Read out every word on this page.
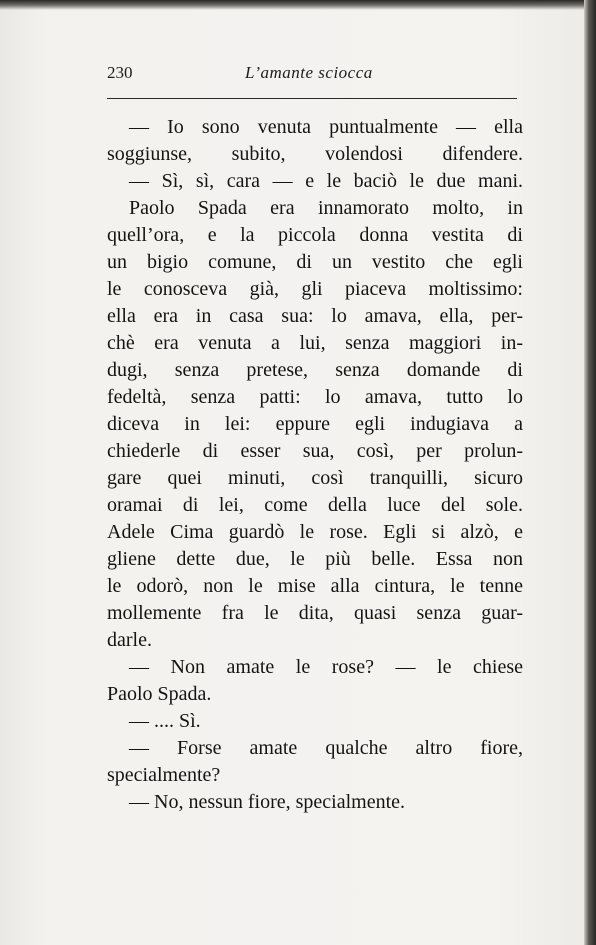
230	L’amante sciocca
— Io sono venuta puntualmente — ella
soggiunse, subito, volendosi difendere.
— Sì, sì, cara — e le baciò le due mani.
Paolo Spada era innamorato molto, in
quell’ora, e la piccola donna vestita di
un bigio comune, di un vestito che egli
le conosceva già, gli piaceva moltissimo:
ella era in casa sua: lo amava, ella, per-
chè era venuta a lui, senza maggiori in-
dugi, senza pretese, senza domande di
fedeltà, senza patti: lo amava, tutto lo
diceva in lei: eppure egli indugiava a
chiederle di esser sua, così, per prolun-
gare quei minuti, così tranquilli, sicuro
oramai di lei, come della luce del sole.
Adele Cima guardò le rose. Egli si alzò, e
gliene dette due, le più belle. Essa non
le odorò, non le mise alla cintura, le tenne
mollemente fra le dita, quasi senza guar-
darle.
— Non amate le rose? — le chiese
Paolo Spada.
— .... Sì.
— Forse amate qualche altro fiore,
specialmente?
— No, nessun fiore, specialmente.
